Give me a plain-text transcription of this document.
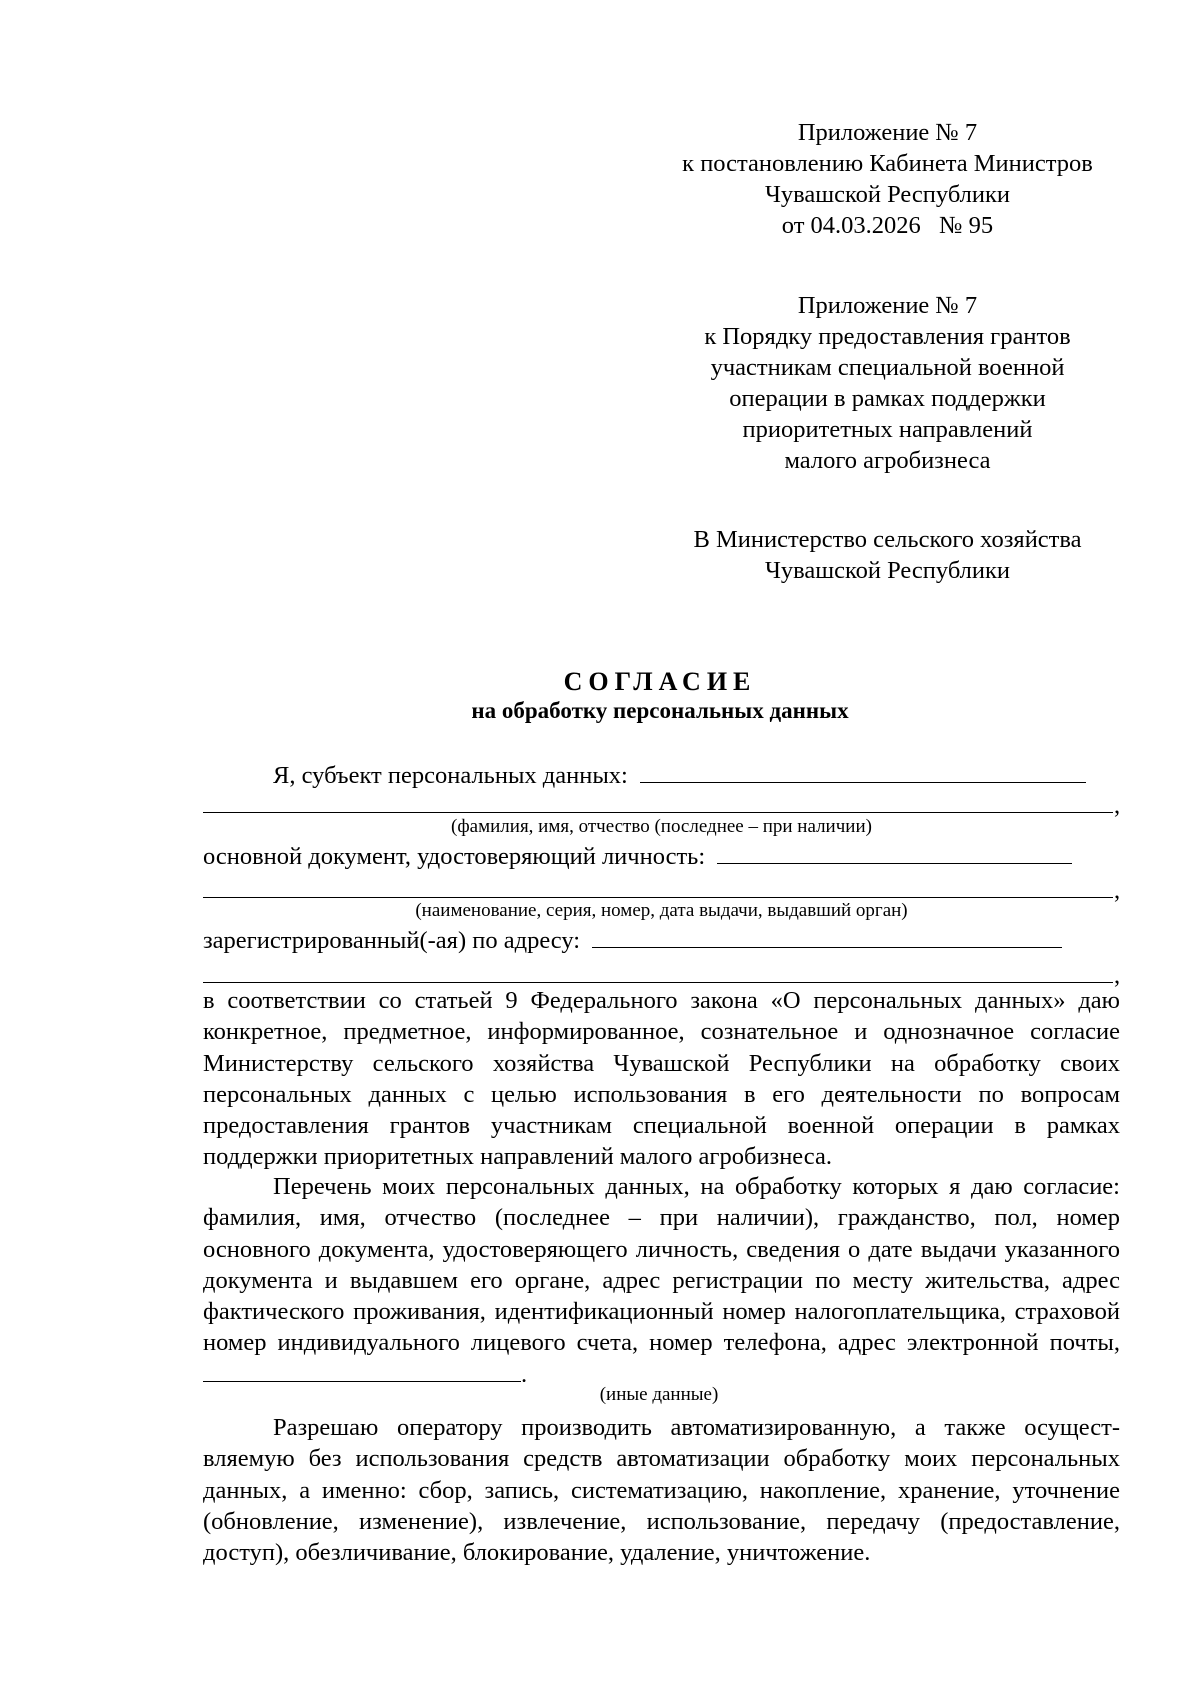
Приложение № 7
к постановлению Кабинета Министров
Чувашской Республики
от 04.03.2026   № 95
Приложение № 7
к Порядку предоставления грантов
участникам специальной военной
операции в рамках поддержки
приоритетных направлений
малого агробизнеса
В Министерство сельского хозяйства
Чувашской Республики
СОГЛАСИЕ
на обработку персональных данных
Я, субъект персональных данных:
,
(фамилия, имя, отчество (последнее – при наличии)
основной документ, удостоверяющий личность:
,
(наименование, серия, номер, дата выдачи, выдавший орган)
зарегистрированный(-ая) по адресу:
,
в соответствии со статьей 9 Федерального закона «О персональных данных» даю конкретное, предметное, информированное, сознательное и однозначное согласие Министерству сельского хозяйства Чувашской Республики на обработку своих персональных данных с целью использования в его деятельности по вопросам предоставления грантов участникам специальной военной операции в рамках поддержки приоритетных направлений малого агробизнеса.
Перечень моих персональных данных, на обработку которых я даю согласие: фамилия, имя, отчество (последнее – при наличии), гражданство, пол, номер основного документа, удостоверяющего личность, сведения о дате выдачи указанного документа и выдавшем его органе, адрес регистрации по месту жительства, адрес фактического проживания, идентификационный номер налогоплательщика, страховой номер индивидуального лицевого счета, номер телефона, адрес электронной почты, .
(иные данные)
Разрешаю оператору производить автоматизированную, а также осуществляемую без использования средств автоматизации обработку моих персональных данных, а именно: сбор, запись, систематизацию, накопление, хранение, уточнение (обновление, изменение), извлечение, использование, передачу (предоставление, доступ), обезличивание, блокирование, удаление, уничтожение.
